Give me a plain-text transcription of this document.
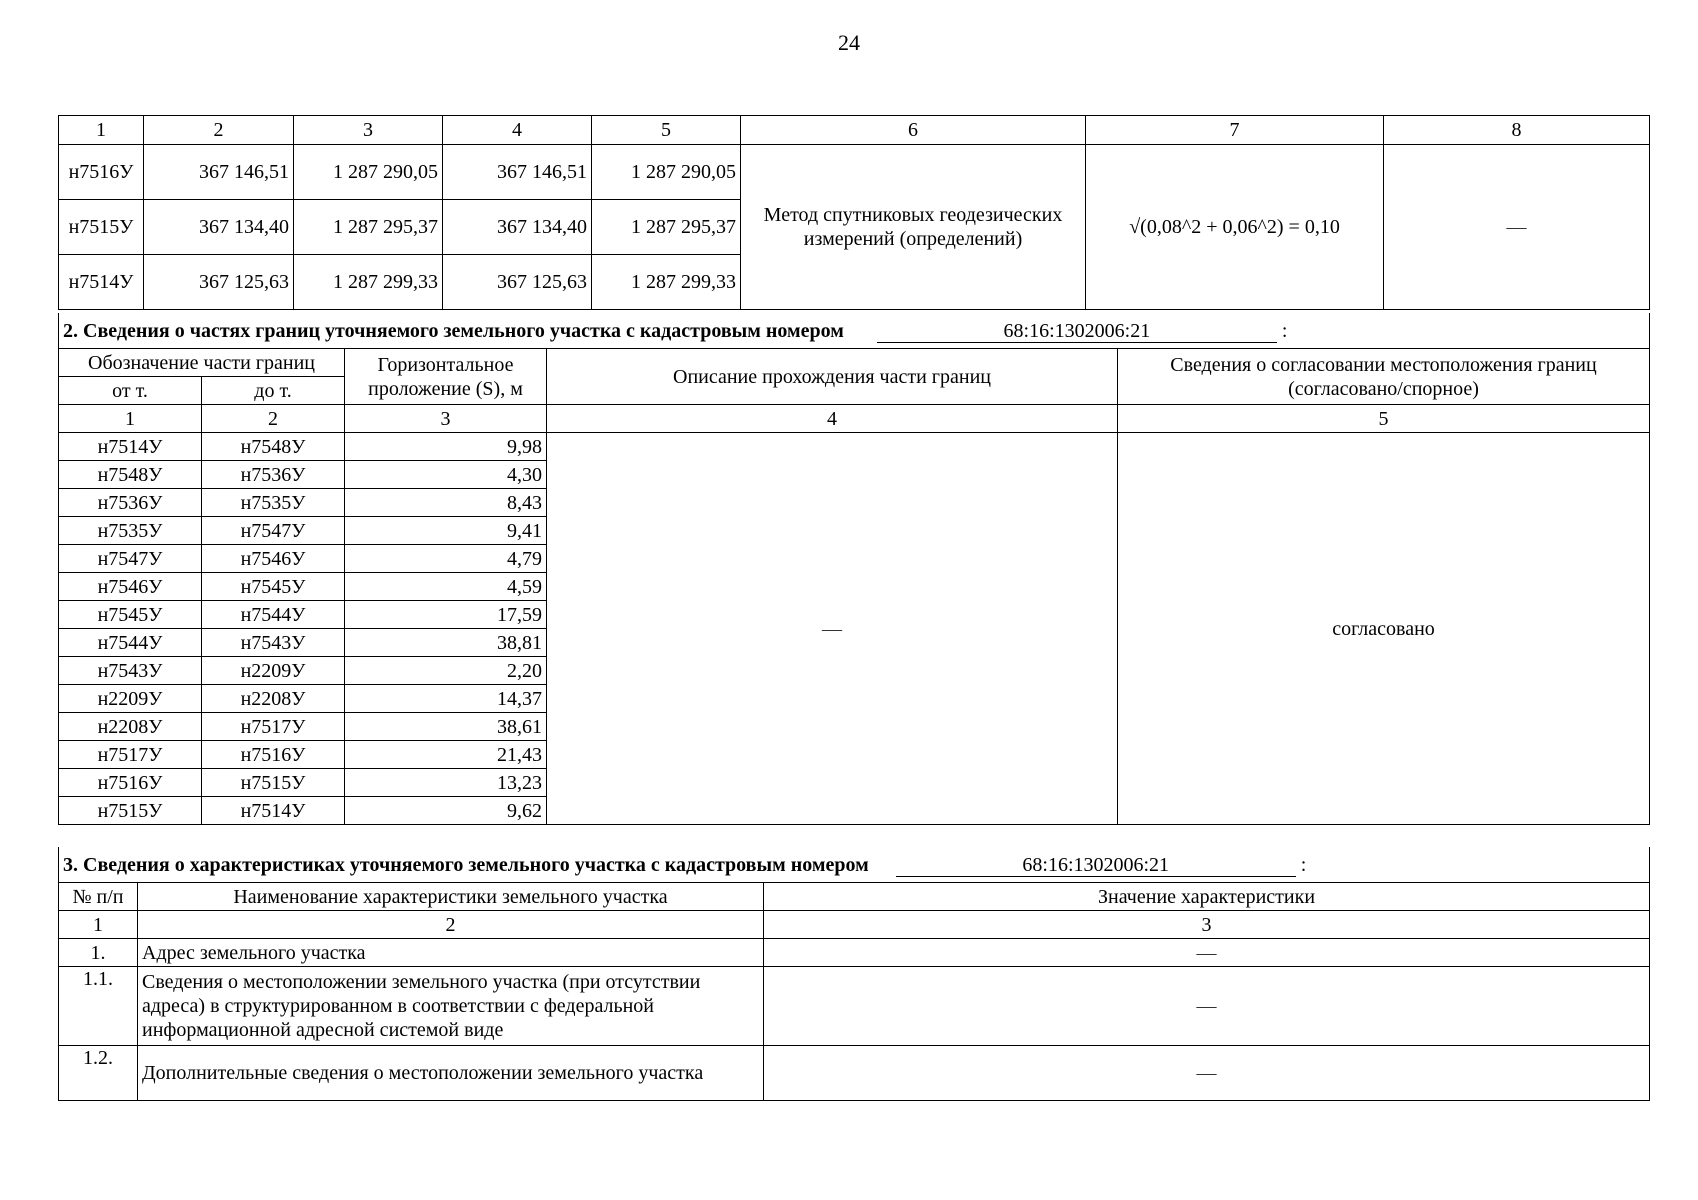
24
1	2	3	4	5	6	7	8
н7516У	367 146,51	1 287 290,05	367 146,51	1 287 290,05	Метод спутниковых геодезических измерений (определений)	√(0,08^2 + 0,06^2) = 0,10	—
н7515У	367 134,40	1 287 295,37	367 134,40	1 287 295,37			
н7514У	367 125,63	1 287 299,33	367 125,63	1 287 299,33			
2. Сведения о частях границ уточняемого земельного участка с кадастровым номером 68:16:1302006:21 :				
Обозначение части границ		Горизонтальное проложение (S), м	Описание прохождения части границ	Сведения о согласовании местоположения границ (согласовано/спорное)
от т.	до т.			
1	2	3	4	5
н7514У	н7548У	9,98	—	согласовано
н7548У	н7536У	4,30		
н7536У	н7535У	8,43		
н7535У	н7547У	9,41		
н7547У	н7546У	4,79		
н7546У	н7545У	4,59		
н7545У	н7544У	17,59		
н7544У	н7543У	38,81		
н7543У	н2209У	2,20		
н2209У	н2208У	14,37		
н2208У	н7517У	38,61		
н7517У	н7516У	21,43		
н7516У	н7515У	13,23		
н7515У	н7514У	9,62		
3. Сведения о характеристиках уточняемого земельного участка с кадастровым номером 68:16:1302006:21 :		
№ п/п	Наименование характеристики земельного участка	Значение характеристики
1	2	3
1.	Адрес земельного участка	—
1.1.	Сведения о местоположении земельного участка (при отсутствии адреса) в структурированном в соответствии с федеральной информационной адресной системой виде	—
1.2.	Дополнительные сведения о местоположении земельного участка	—
